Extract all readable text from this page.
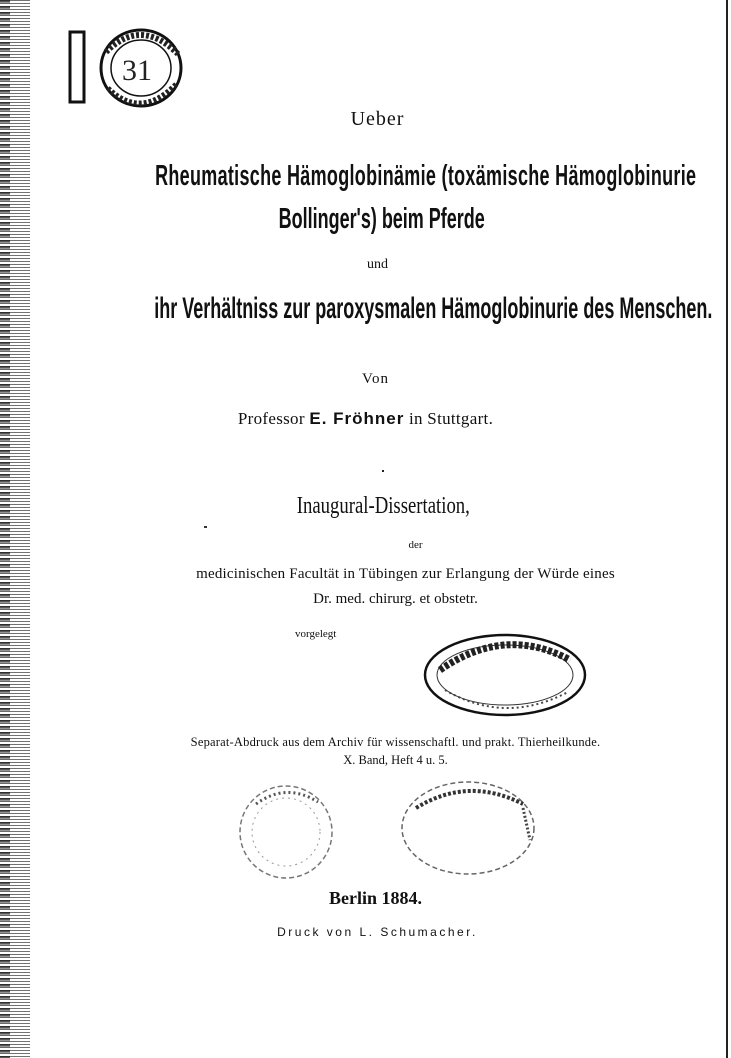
31
Ueber
Rheumatische Hämoglobinämie (toxämische Hämoglobinurie
Bollinger's) beim Pferde
und
ihr Verhältniss zur paroxysmalen Hämoglobinurie des Menschen.
Von
Professor E. Fröhner in Stuttgart.
Inaugural-Dissertation,
der
medicinischen Facultät in Tübingen zur Erlangung der Würde eines
Dr. med. chirurg. et obstetr.
vorgelegt
Separat-Abdruck aus dem Archiv für wissenschaftl. und prakt. Thierheilkunde.
X. Band, Heft 4 u. 5.
Berlin 1884.
Druck von L. Schumacher.
